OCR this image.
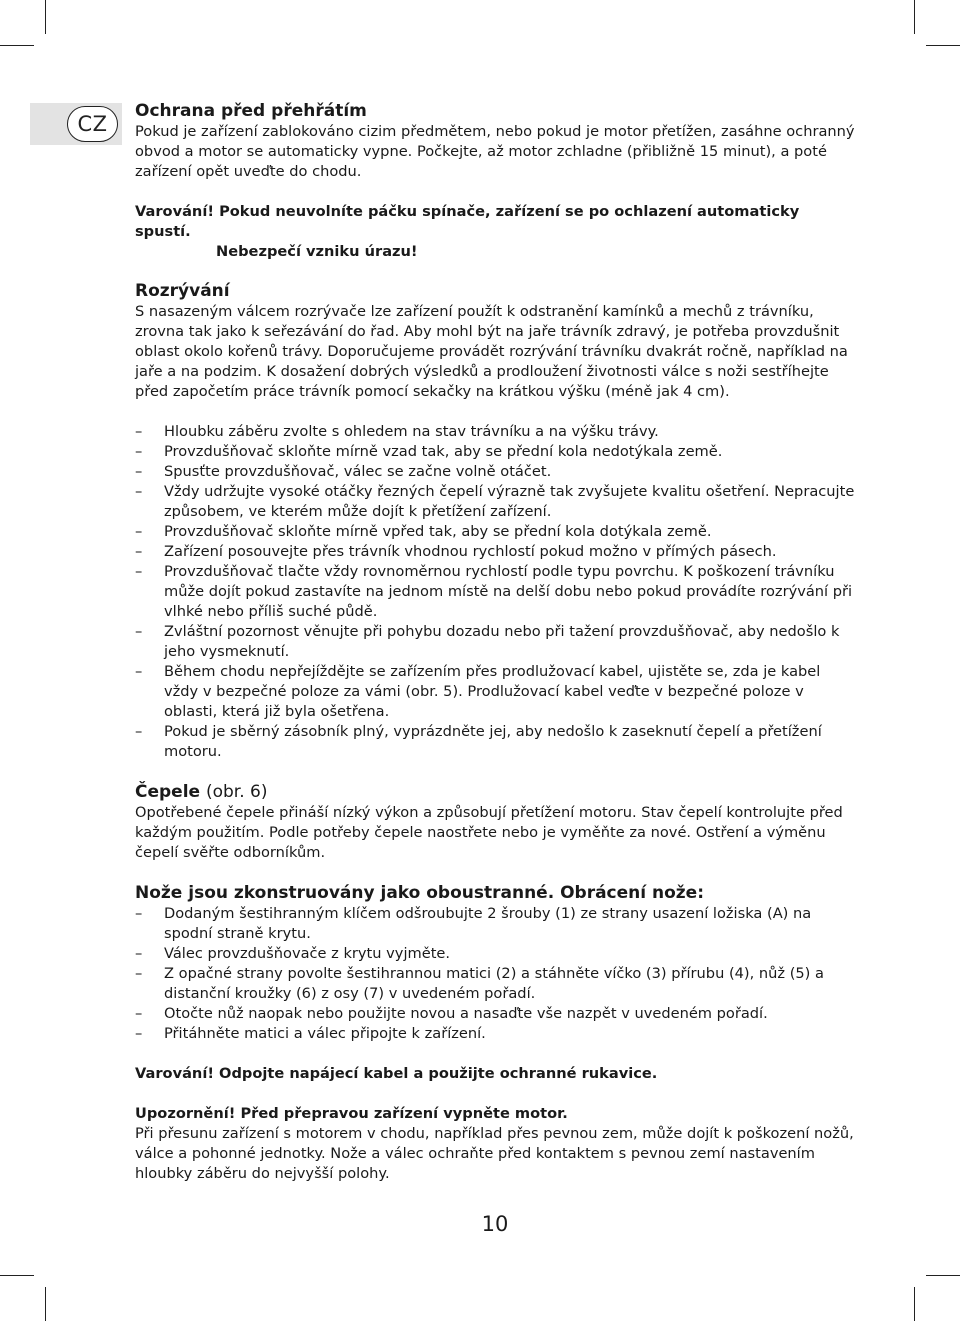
CZ
Ochrana před přehřátím
Pokud je zařízení zablokováno cizim předmětem, nebo pokud je motor přetížen, zasáhne ochranný obvod a motor se automaticky vypne. Počkejte, až motor zchladne (přibližně 15 minut), a poté zařízení opět uveďte do chodu.
Varování! Pokud neuvolníte páčku spínače, zařízení se po ochlazení automaticky spustí.
Nebezpečí vzniku úrazu!
Rozrývání
S nasazeným válcem rozrývače lze zařízení použít k odstranění kamínků a mechů z trávníku, zrovna tak jako k seřezávání do řad. Aby mohl být na jaře trávník zdravý, je potřeba provzdušnit oblast okolo kořenů trávy. Doporučujeme provádět rozrývání trávníku dvakrát ročně, například na jaře a na podzim. K dosažení dobrých výsledků a prodloužení životnosti válce s noži sestříhejte před započetím práce trávník pomocí sekačky na krátkou výšku (méně jak 4 cm).
– Hloubku záběru zvolte s ohledem na stav trávníku a na výšku trávy.
– Provzdušňovač skloňte mírně vzad tak, aby se přední kola nedotýkala země.
– Spusťte provzdušňovač, válec se začne volně otáčet.
– Vždy udržujte vysoké otáčky řezných čepelí výrazně tak zvyšujete kvalitu ošetření. Nepracujte způsobem, ve kterém může dojít k přetížení zařízení.
– Provzdušňovač skloňte mírně vpřed tak, aby se přední kola dotýkala země.
– Zařízení posouvejte přes trávník vhodnou rychlostí pokud možno v přímých pásech.
– Provzdušňovač tlačte vždy rovnoměrnou rychlostí podle typu povrchu. K poškození trávníku může dojít pokud zastavíte na jednom místě na delší dobu nebo pokud provádíte rozrývání při vlhké nebo příliš suché půdě.
– Zvláštní pozornost věnujte při pohybu dozadu nebo při tažení provzdušňovač, aby nedošlo k jeho vysmeknutí.
– Během chodu nepřejíždějte se zařízením přes prodlužovací kabel, ujistěte se, zda je kabel vždy v bezpečné poloze za vámi (obr. 5). Prodlužovací kabel veďte v bezpečné poloze v oblasti, která již byla ošetřena.
– Pokud je sběrný zásobník plný, vyprázdněte jej, aby nedošlo k zaseknutí čepelí a přetížení motoru.
Čepele (obr. 6)
Opotřebené čepele přináší nízký výkon a způsobují přetížení motoru. Stav čepelí kontrolujte před každým použitím. Podle potřeby čepele naostřete nebo je vyměňte za nové. Ostření a výměnu čepelí svěřte odborníkům.
Nože jsou zkonstruovány jako oboustranné. Obrácení nože:
– Dodaným šestihranným klíčem odšroubujte 2 šrouby (1) ze strany usazení ložiska (A) na spodní straně krytu.
– Válec provzdušňovače z krytu vyjměte.
– Z opačné strany povolte šestihrannou matici (2) a stáhněte víčko (3) přírubu (4), nůž (5) a distanční kroužky (6) z osy (7) v uvedeném pořadí.
– Otočte nůž naopak nebo použijte novou a nasaďte vše nazpět v uvedeném pořadí.
– Přitáhněte matici a válec připojte k zařízení.
Varování! Odpojte napájecí kabel a použijte ochranné rukavice.
Upozornění! Před přepravou zařízení vypněte motor.
Při přesunu zařízení s motorem v chodu, například přes pevnou zem, může dojít k poškození nožů, válce a pohonné jednotky. Nože a válec ochraňte před kontaktem s pevnou zemí nastavením hloubky záběru do nejvyšší polohy.
10
